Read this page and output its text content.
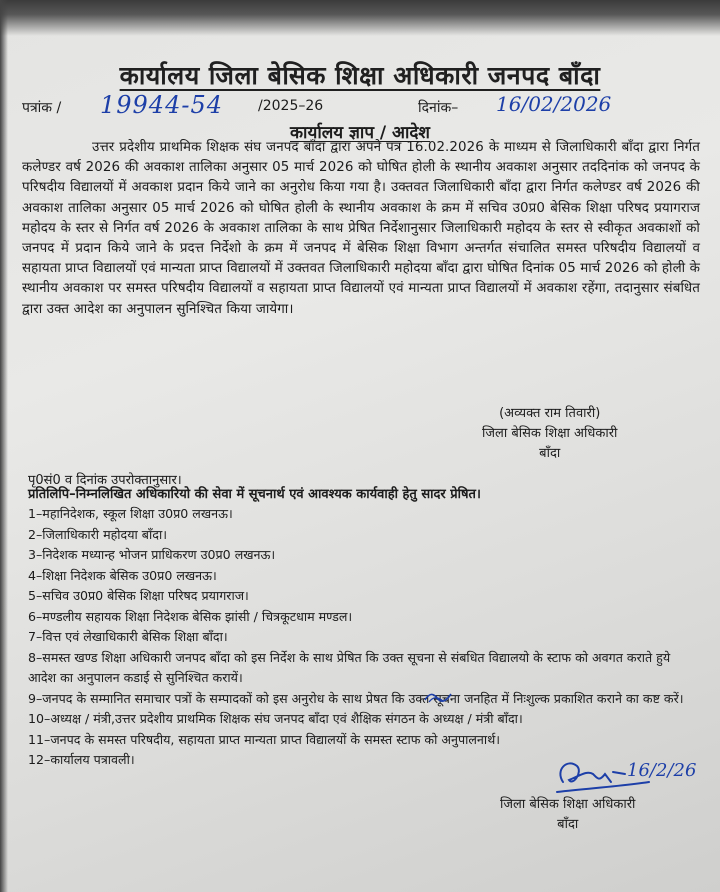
कार्यालय जिला बेसिक शिक्षा अधिकारी जनपद बाँदा
पत्रांक / 19944-54	/2025–26	दिनांक– 16/02/2026
कार्यालय ज्ञाप / आदेश
उत्तर प्रदेशीय प्राथमिक शिक्षक संघ जनपद बाँदा द्वारा अपने पत्र 16.02.2026 के माध्यम से जिलाधिकारी बाँदा द्वारा निर्गत कलेण्डर वर्ष 2026 की अवकाश तालिका अनुसार 05 मार्च 2026 को घोषित होली के स्थानीय अवकाश अनुसार तददिनांक को जनपद के परिषदीय विद्यालयों में अवकाश प्रदान किये जाने का अनुरोध किया गया है। उक्तवत जिलाधिकारी बाँदा द्वारा निर्गत कलेण्डर वर्ष 2026 की अवकाश तालिका अनुसार 05 मार्च 2026 को घोषित होली के स्थानीय अवकाश के क्रम में सचिव उ0प्र0 बेसिक शिक्षा परिषद प्रयागराज महोदय के स्तर से निर्गत वर्ष 2026 के अवकाश तालिका के साथ प्रेषित निर्देशानुसार जिलाधिकारी महोदय के स्तर से स्वीकृत अवकाशों को जनपद में प्रदान किये जाने के प्रदत्त निर्देशो के क्रम में जनपद में बेसिक शिक्षा विभाग अन्तर्गत संचालित समस्त परिषदीय विद्यालयों व सहायता प्राप्त विद्यालयों एवं मान्यता प्राप्त विद्यालयों में उक्तवत जिलाधिकारी महोदया बाँदा द्वारा घोषित दिनांक 05 मार्च 2026 को होली के स्थानीय अवकाश पर समस्त परिषदीय विद्यालयों व सहायता प्राप्त विद्यालयों एवं मान्यता प्राप्त विद्यालयों में अवकाश रहेंगा, तदानुसार संबधित द्वारा उक्त आदेश का अनुपालन सुनिश्चित किया जायेगा।
(अव्यक्त राम तिवारी)
जिला बेसिक शिक्षा अधिकारी
बाँदा
पृ0सं0 व दिनांक उपरोक्तानुसार।
प्रतिलिपि–निम्नलिखित अधिकारियो की सेवा में सूचनार्थ एवं आवश्यक कार्यवाही हेतु सादर प्रेषित।
1–महानिदेशक, स्कूल शिक्षा उ0प्र0 लखनऊ।
2–जिलाधिकारी महोदया बाँदा।
3–निदेशक मध्यान्ह भोजन प्राधिकरण उ0प्र0 लखनऊ।
4–शिक्षा निदेशक बेसिक उ0प्र0 लखनऊ।
5–सचिव उ0प्र0 बेसिक शिक्षा परिषद प्रयागराज।
6–मण्डलीय सहायक शिक्षा निदेशक बेसिक झांसी / चित्रकूटधाम मण्डल।
7–वित्त एवं लेखाधिकारी बेसिक शिक्षा बाँदा।
8–समस्त खण्ड शिक्षा अधिकारी जनपद बाँदा को इस निर्देश के साथ प्रेषित कि उक्त सूचना से संबधित विद्यालयो के स्टाफ को अवगत कराते हुये आदेश का अनुपालन कडाई से सुनिश्चित करायें।
9–जनपद के सम्मानित समाचार पत्रों के सम्पादकों को इस अनुरोध के साथ प्रेषत कि उक्त सूचना जनहित में निःशुल्क प्रकाशित कराने का कष्ट करें।
10–अध्यक्ष / मंत्री,उत्तर प्रदेशीय प्राथमिक शिक्षक संघ जनपद बाँदा एवं शैक्षिक संगठन के अध्यक्ष / मंत्री बाँदा।
11–जनपद के समस्त परिषदीय, सहायता प्राप्त मान्यता प्राप्त विद्यालयों के समस्त स्टाफ को अनुपालनार्थ।
12–कार्यालय पत्रावली।
16/2/26
जिला बेसिक शिक्षा अधिकारी
बाँदा
